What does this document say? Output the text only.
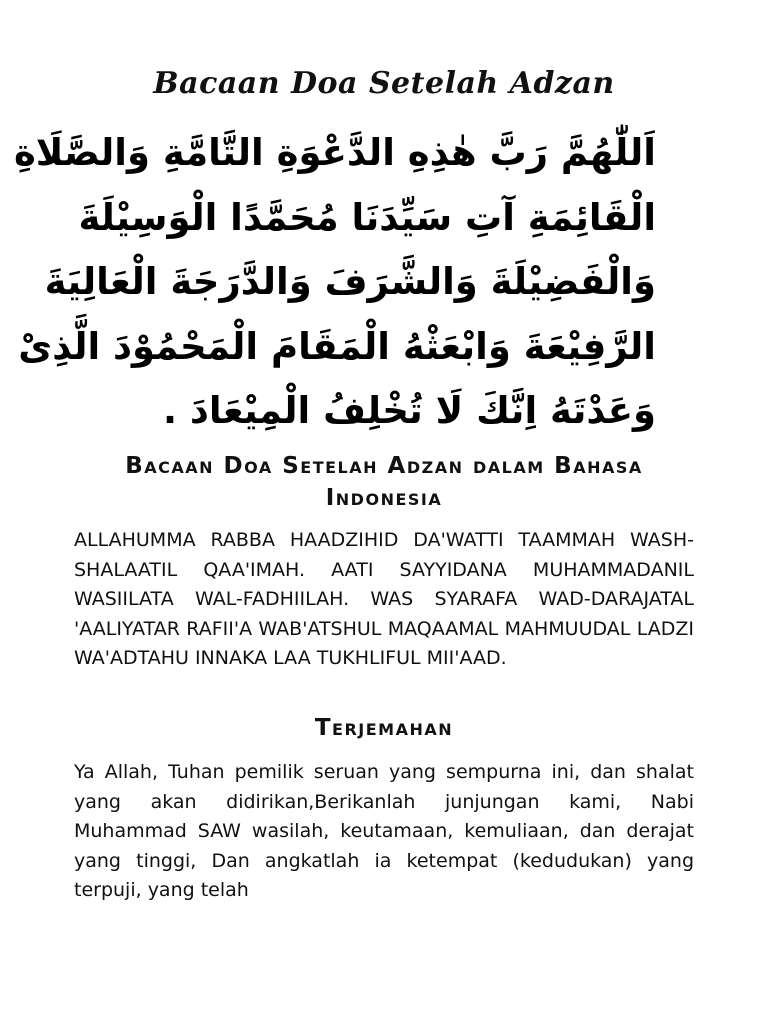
Bacaan Doa Setelah Adzan
اَللّٰهُمَّ رَبَّ هٰذِهِ الدَّعْوَةِ التَّامَّةِ وَالصَّلَاةِ
الْقَائِمَةِ آتِ سَيِّدَنَا مُحَمَّدًا الْوَسِيْلَةَ
وَالْفَضِيْلَةَ وَالشَّرَفَ وَالدَّرَجَةَ الْعَالِيَةَ
الرَّفِيْعَةَ وَابْعَثْهُ الْمَقَامَ الْمَحْمُوْدَ الَّذِىْ
وَعَدْتَهُ اِنَّكَ لَا تُخْلِفُ الْمِيْعَادَ .
Bacaan Doa Setelah Adzan dalam Bahasa Indonesia
ALLAHUMMA RABBA HAADZIHID DA'WATTI TAAMMAH WASH-SHALAATIL QAA'IMAH. AATI SAYYIDANA MUHAMMADANIL WASIILATA WAL-FADHIILAH. WAS SYARAFA WAD-DARAJATAL 'AALIYATAR RAFII'A WAB'ATSHUL MAQAAMAL MAHMUUDAL LADZI WA'ADTAHU INNAKA LAA TUKHLIFUL MII'AAD.
Terjemahan
Ya Allah, Tuhan pemilik seruan yang sempurna ini, dan shalat yang akan didirikan,Berikanlah junjungan kami, Nabi Muhammad SAW wasilah, keutamaan, kemuliaan, dan derajat yang tinggi, Dan angkatlah ia ketempat (kedudukan) yang terpuji, yang telah
